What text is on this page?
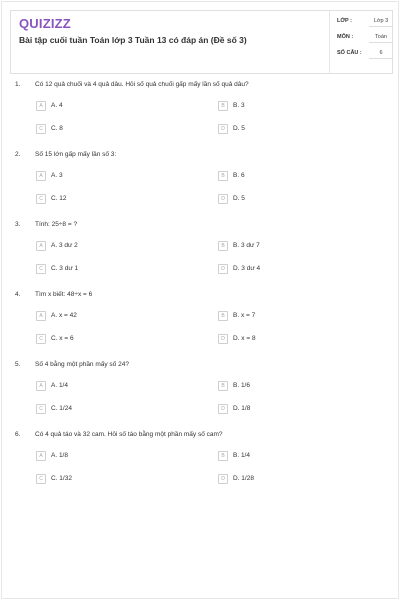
QUIZIZZ
Bài tập cuối tuần Toán lớp 3 Tuần 13 có đáp án (Đề số 3)
LỚP :	Lớp 3
MÔN :	Toán
SỐ CÂU :	6
1. Có 12 quả chuối và 4 quả dâu. Hỏi số quả chuối gấp mấy lần số quả dâu?
A	A. 4	B	B. 3
C	C. 8	D	D. 5
2. Số 15 lớn gấp mấy lần số 3:
A	A. 3	B	B. 6
C	C. 12	D	D. 5
3. Tính: 25÷8 = ?
A	A. 3 dư 2	B	B. 3 dư 7
C	C. 3 dư 1	D	D. 3 dư 4
4. Tìm x biết: 48÷x = 6
A	A. x = 42	B	B. x = 7
C	C. x = 6	D	D. x = 8
5. Số 4 bằng một phần mấy số 24?
A	A. 1/4	B	B. 1/6
C	C. 1/24	D	D. 1/8
6. Có 4 quả táo và 32 cam. Hỏi số táo bằng một phần mấy số cam?
A	A. 1/8	B	B. 1/4
C	C. 1/32	D	D. 1/28
